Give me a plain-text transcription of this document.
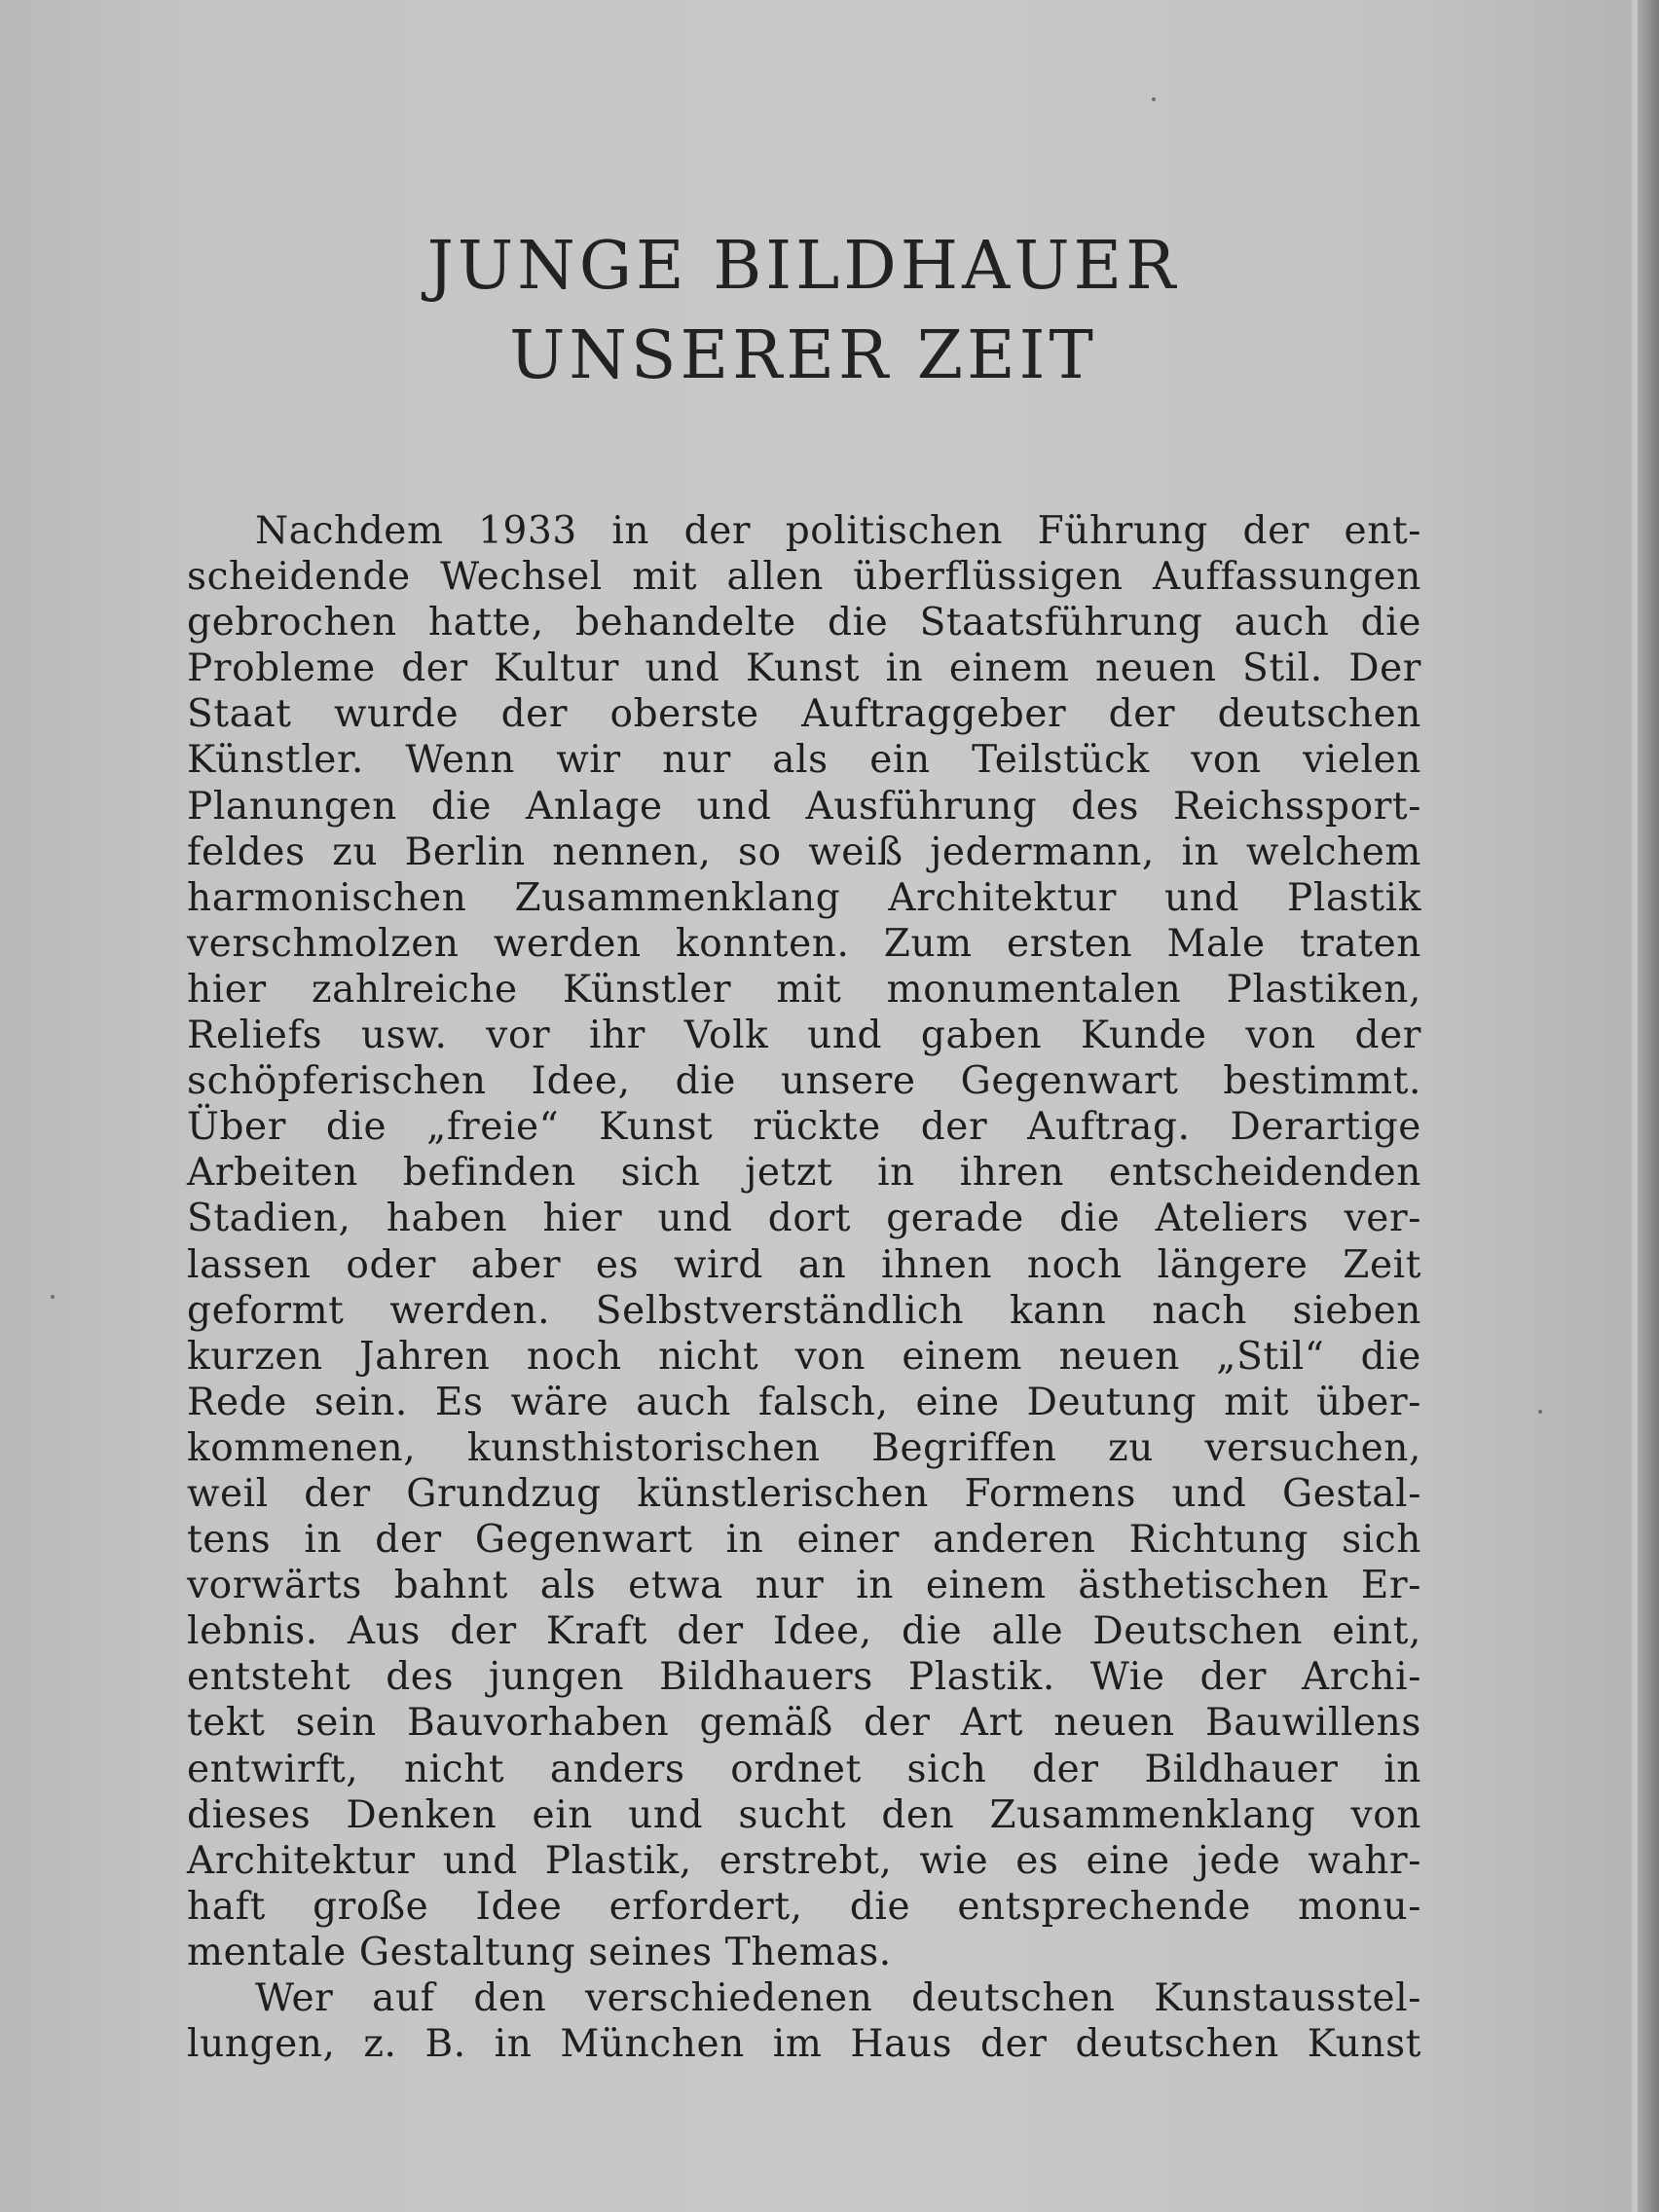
JUNGE BILDHAUER
UNSERER ZEIT

Nachdem 1933 in der politischen Führung der ent-
scheidende Wechsel mit allen überflüssigen Auffassungen
gebrochen hatte, behandelte die Staatsführung auch die
Probleme der Kultur und Kunst in einem neuen Stil. Der
Staat wurde der oberste Auftraggeber der deutschen
Künstler. Wenn wir nur als ein Teilstück von vielen
Planungen die Anlage und Ausführung des Reichssport-
feldes zu Berlin nennen, so weiß jedermann, in welchem
harmonischen Zusammenklang Architektur und Plastik
verschmolzen werden konnten. Zum ersten Male traten
hier zahlreiche Künstler mit monumentalen Plastiken,
Reliefs usw. vor ihr Volk und gaben Kunde von der
schöpferischen Idee, die unsere Gegenwart bestimmt.
Über die „freie“ Kunst rückte der Auftrag. Derartige
Arbeiten befinden sich jetzt in ihren entscheidenden
Stadien, haben hier und dort gerade die Ateliers ver-
lassen oder aber es wird an ihnen noch längere Zeit
geformt werden. Selbstverständlich kann nach sieben
kurzen Jahren noch nicht von einem neuen „Stil“ die
Rede sein. Es wäre auch falsch, eine Deutung mit über-
kommenen, kunsthistorischen Begriffen zu versuchen,
weil der Grundzug künstlerischen Formens und Gestal-
tens in der Gegenwart in einer anderen Richtung sich
vorwärts bahnt als etwa nur in einem ästhetischen Er-
lebnis. Aus der Kraft der Idee, die alle Deutschen eint,
entsteht des jungen Bildhauers Plastik. Wie der Archi-
tekt sein Bauvorhaben gemäß der Art neuen Bauwillens
entwirft, nicht anders ordnet sich der Bildhauer in
dieses Denken ein und sucht den Zusammenklang von
Architektur und Plastik, erstrebt, wie es eine jede wahr-
haft große Idee erfordert, die entsprechende monu-
mentale Gestaltung seines Themas.

Wer auf den verschiedenen deutschen Kunstausstel-
lungen, z. B. in München im Haus der deutschen Kunst
